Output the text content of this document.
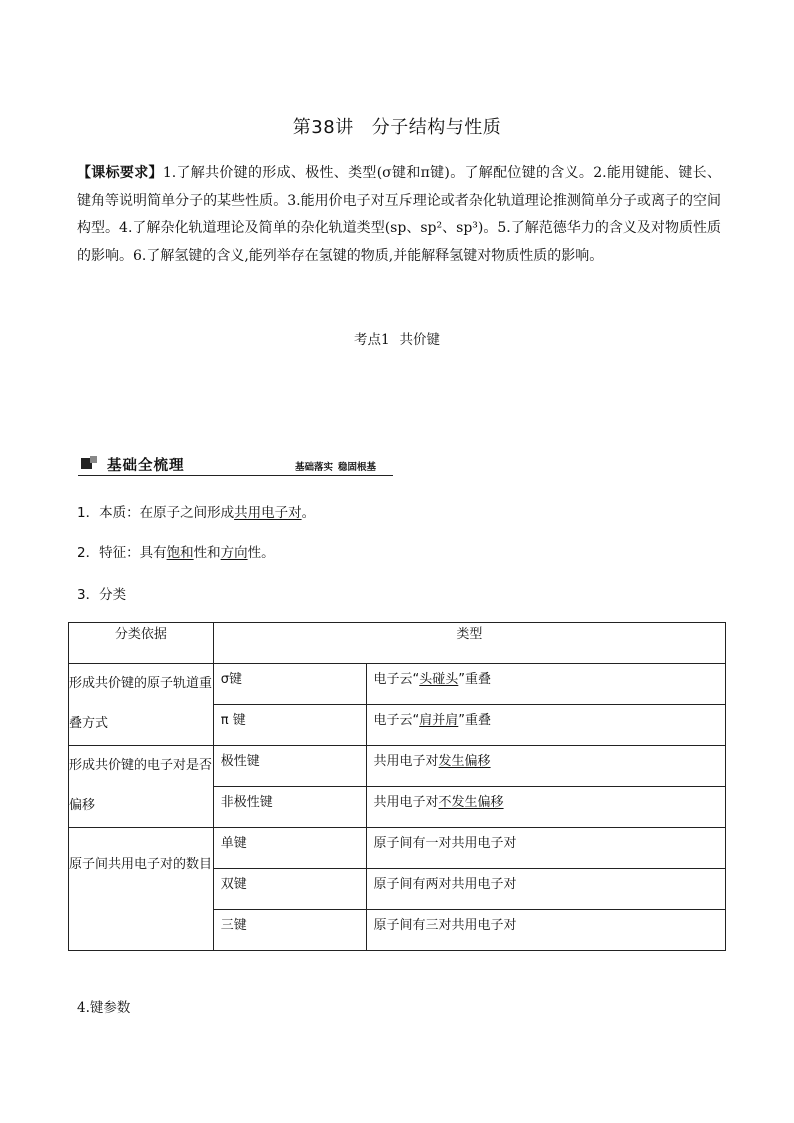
第38讲 分子结构与性质
【课标要求】1.了解共价键的形成、极性、类型(σ键和π键)。了解配位键的含义。2.能用键能、键长、键角等说明简单分子的某些性质。3.能用价电子对互斥理论或者杂化轨道理论推测简单分子或离子的空间构型。4.了解杂化轨道理论及简单的杂化轨道类型(sp、sp²、sp³)。5.了解范德华力的含义及对物质性质的影响。6.了解氢键的含义,能列举存在氢键的物质,并能解释氢键对物质性质的影响。
考点1 共价键
基础全梳理	基础落实 稳固根基
1．本质：在原子之间形成共用电子对。
2．特征：具有饱和性和方向性。
3．分类
分类依据	类型	
形成共价键的原子轨道重叠方式	σ键	电子云“头碰头”重叠

	π 键	电子云“肩并肩”重叠

形成共价键的电子对是否偏移	极性键	共用电子对发生偏移

	非极性键	共用电子对不发生偏移

原子间共用电子对的数目	单键	原子间有一对共用电子对

	双键	原子间有两对共用电子对

	三键	原子间有三对共用电子对
4.键参数
